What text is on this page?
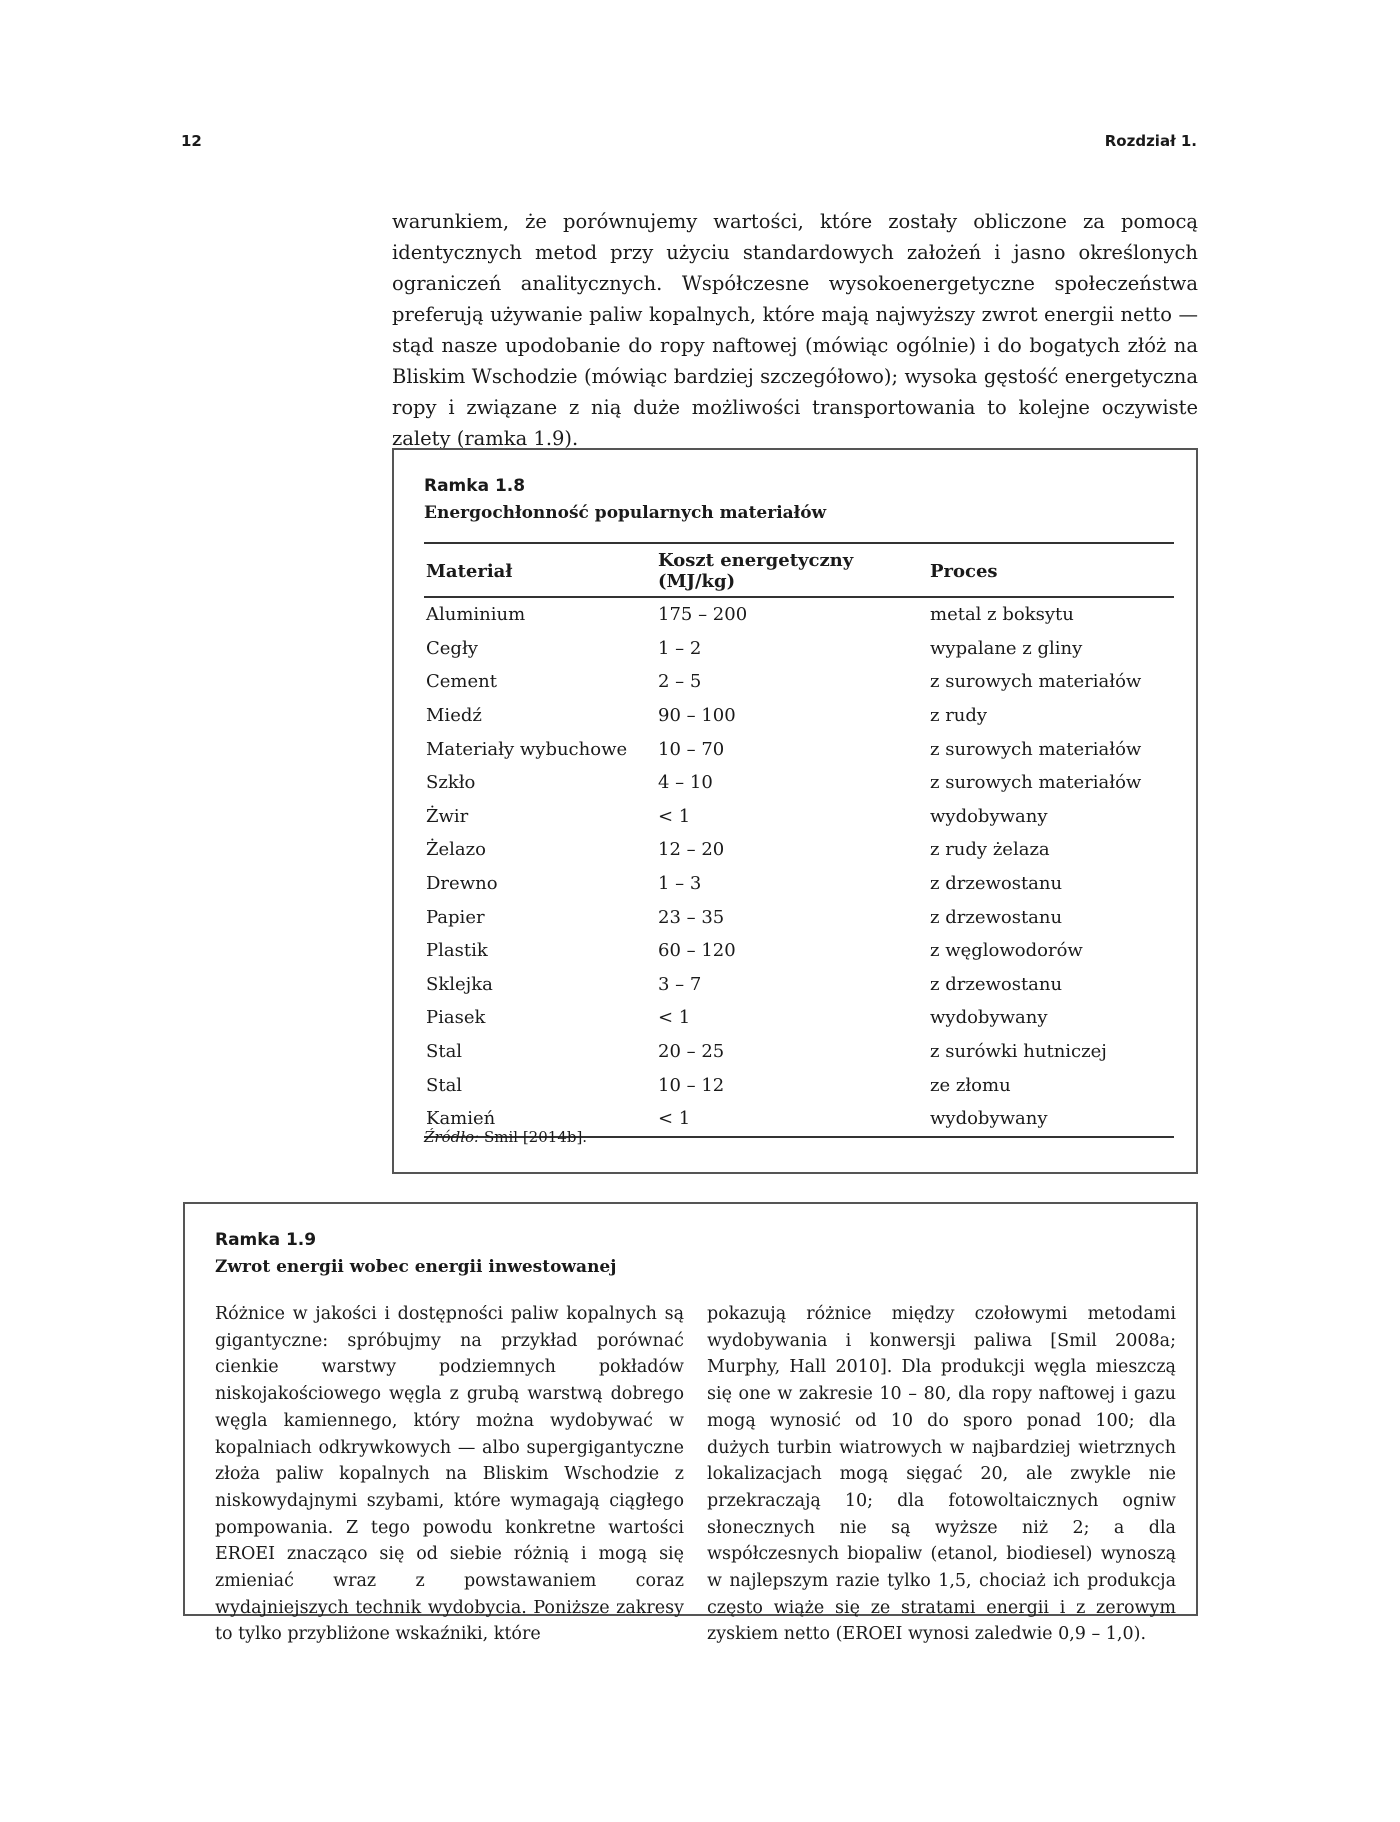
12	Rozdział 1.

warunkiem, że porównujemy wartości, które zostały obliczone za pomocą identycznych metod przy użyciu standardowych założeń i jasno określonych ograniczeń analitycznych. Współczesne wysokoenergetyczne społeczeństwa preferują używanie paliw kopalnych, które mają najwyższy zwrot energii netto — stąd nasze upodobanie do ropy naftowej (mówiąc ogólnie) i do bogatych złóż na Bliskim Wschodzie (mówiąc bardziej szczegółowo); wysoka gęstość energetyczna ropy i związane z nią duże możliwości transportowania to kolejne oczywiste zalety (ramka 1.9).

Ramka 1.8
Energochłonność popularnych materiałów
Materiał	Koszt energetyczny (MJ/kg)	Proces
Aluminium	175 – 200	metal z boksytu
Cegły	1 – 2	wypalane z gliny
Cement	2 – 5	z surowych materiałów
Miedź	90 – 100	z rudy
Materiały wybuchowe	10 – 70	z surowych materiałów
Szkło	4 – 10	z surowych materiałów
Żwir	< 1	wydobywany
Żelazo	12 – 20	z rudy żelaza
Drewno	1 – 3	z drzewostanu
Papier	23 – 35	z drzewostanu
Plastik	60 – 120	z węglowodorów
Sklejka	3 – 7	z drzewostanu
Piasek	< 1	wydobywany
Stal	20 – 25	z surówki hutniczej
Stal	10 – 12	ze złomu
Kamień	< 1	wydobywany
Źródło: Smil [2014b].
Ramka 1.9
Zwrot energii wobec energii inwestowanej

Różnice w jakości i dostępności paliw kopalnych są gigantyczne: spróbujmy na przykład porównać cienkie warstwy podziemnych pokładów niskojakościowego węgla z grubą warstwą dobrego węgla kamiennego, który można wydobywać w kopalniach odkrywkowych — albo supergigantyczne złoża paliw kopalnych na Bliskim Wschodzie z niskowydajnymi szybami, które wymagają ciągłego pompowania. Z tego powodu konkretne wartości EROEI znacząco się od siebie różnią i mogą się zmieniać wraz z powstawaniem coraz wydajniejszych technik wydobycia. Poniższe zakresy to tylko przybliżone wskaźniki, które

pokazują różnice między czołowymi metodami wydobywania i konwersji paliwa [Smil 2008a; Murphy, Hall 2010]. Dla produkcji węgla mieszczą się one w zakresie 10 – 80, dla ropy naftowej i gazu mogą wynosić od 10 do sporo ponad 100; dla dużych turbin wiatrowych w najbardziej wietrznych lokalizacjach mogą sięgać 20, ale zwykle nie przekraczają 10; dla fotowoltaicznych ogniw słonecznych nie są wyższe niż 2; a dla współczesnych biopaliw (etanol, biodiesel) wynoszą w najlepszym razie tylko 1,5, chociaż ich produkcja często wiąże się ze stratami energii i z zerowym zyskiem netto (EROEI wynosi zaledwie 0,9 – 1,0).
